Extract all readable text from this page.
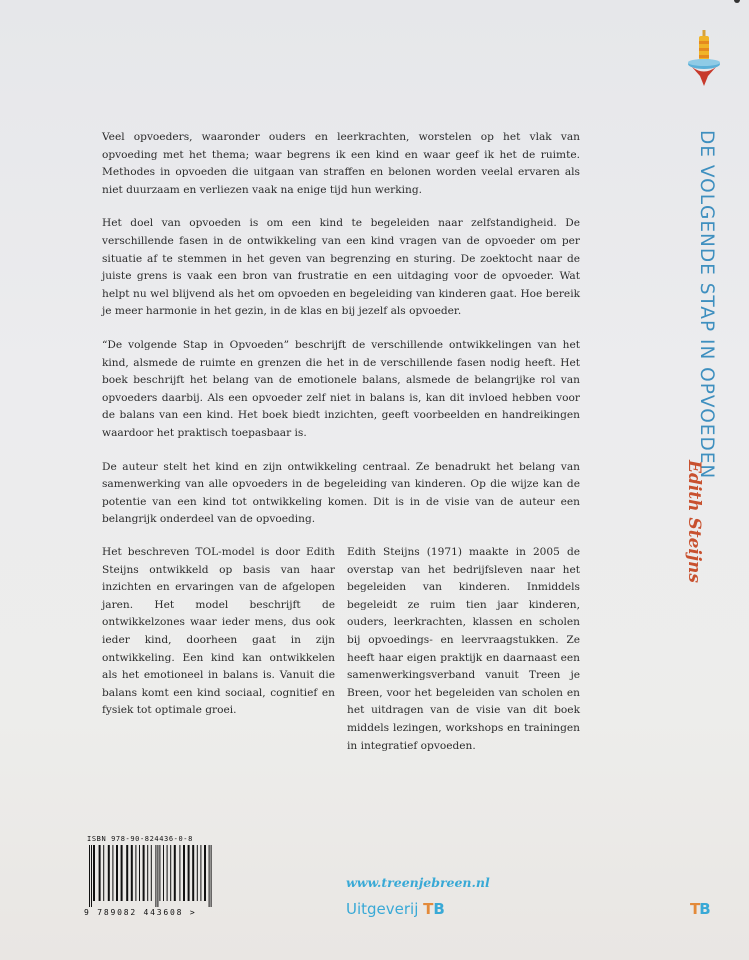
DE VOLGENDE STAP IN OPVOEDEN
Edith Steijns

Veel opvoeders, waaronder ouders en leerkrachten, worstelen op het vlak van opvoeding met het thema; waar begrens ik een kind en waar geef ik het de ruimte. Methodes in opvoeden die uitgaan van straffen en belonen worden veelal ervaren als niet duurzaam en verliezen vaak na enige tijd hun werking.

Het doel van opvoeden is om een kind te begeleiden naar zelfstandigheid. De verschillende fasen in de ontwikkeling van een kind vragen van de opvoeder om per situatie af te stemmen in het geven van begrenzing en sturing. De zoektocht naar de juiste grens is vaak een bron van frustratie en een uitdaging voor de opvoeder. Wat helpt nu wel blijvend als het om opvoeden en begeleiding van kinderen gaat. Hoe bereik je meer harmonie in het gezin, in de klas en bij jezelf als opvoeder.

“De volgende Stap in Opvoeden” beschrijft de verschillende ontwikkelingen van het kind, alsmede de ruimte en grenzen die het in de verschillende fasen nodig heeft. Het boek beschrijft het belang van de emotionele balans, alsmede de belangrijke rol van opvoeders daarbij. Als een opvoeder zelf niet in balans is, kan dit invloed hebben voor de balans van een kind. Het boek biedt inzichten, geeft voorbeelden en handreikingen waardoor het praktisch toepasbaar is.

De auteur stelt het kind en zijn ontwikkeling centraal. Ze benadrukt het belang van samenwerking van alle opvoeders in de begeleiding van kinderen. Op die wijze kan de potentie van een kind tot ontwikkeling komen. Dit is in de visie van de auteur een belangrijk onderdeel van de opvoeding.

Het beschreven TOL-model is door Edith Steijns ontwikkeld op basis van haar inzichten en ervaringen van de afgelopen jaren. Het model beschrijft de ontwikkelzones waar ieder mens, dus ook ieder kind, doorheen gaat in zijn ontwikkeling. Een kind kan ontwikkelen als het emotioneel in balans is. Vanuit die balans komt een kind sociaal, cognitief en fysiek tot optimale groei.

Edith Steijns (1971) maakte in 2005 de overstap van het bedrijfsleven naar het begeleiden van kinderen. Inmiddels begeleidt ze ruim tien jaar kinderen, ouders, leerkrachten, klassen en scholen bij opvoedings- en leervraagstukken. Ze heeft haar eigen praktijk en daarnaast een samenwerkingsverband vanuit Treen je Breen, voor het begeleiden van scholen en het uitdragen van de visie van dit boek middels lezingen, workshops en trainingen in integratief opvoeden.

ISBN 978-90-824436-0-8
9 789082 443608 >
www.treenjebreen.nl
Uitgeverij TB	TB
